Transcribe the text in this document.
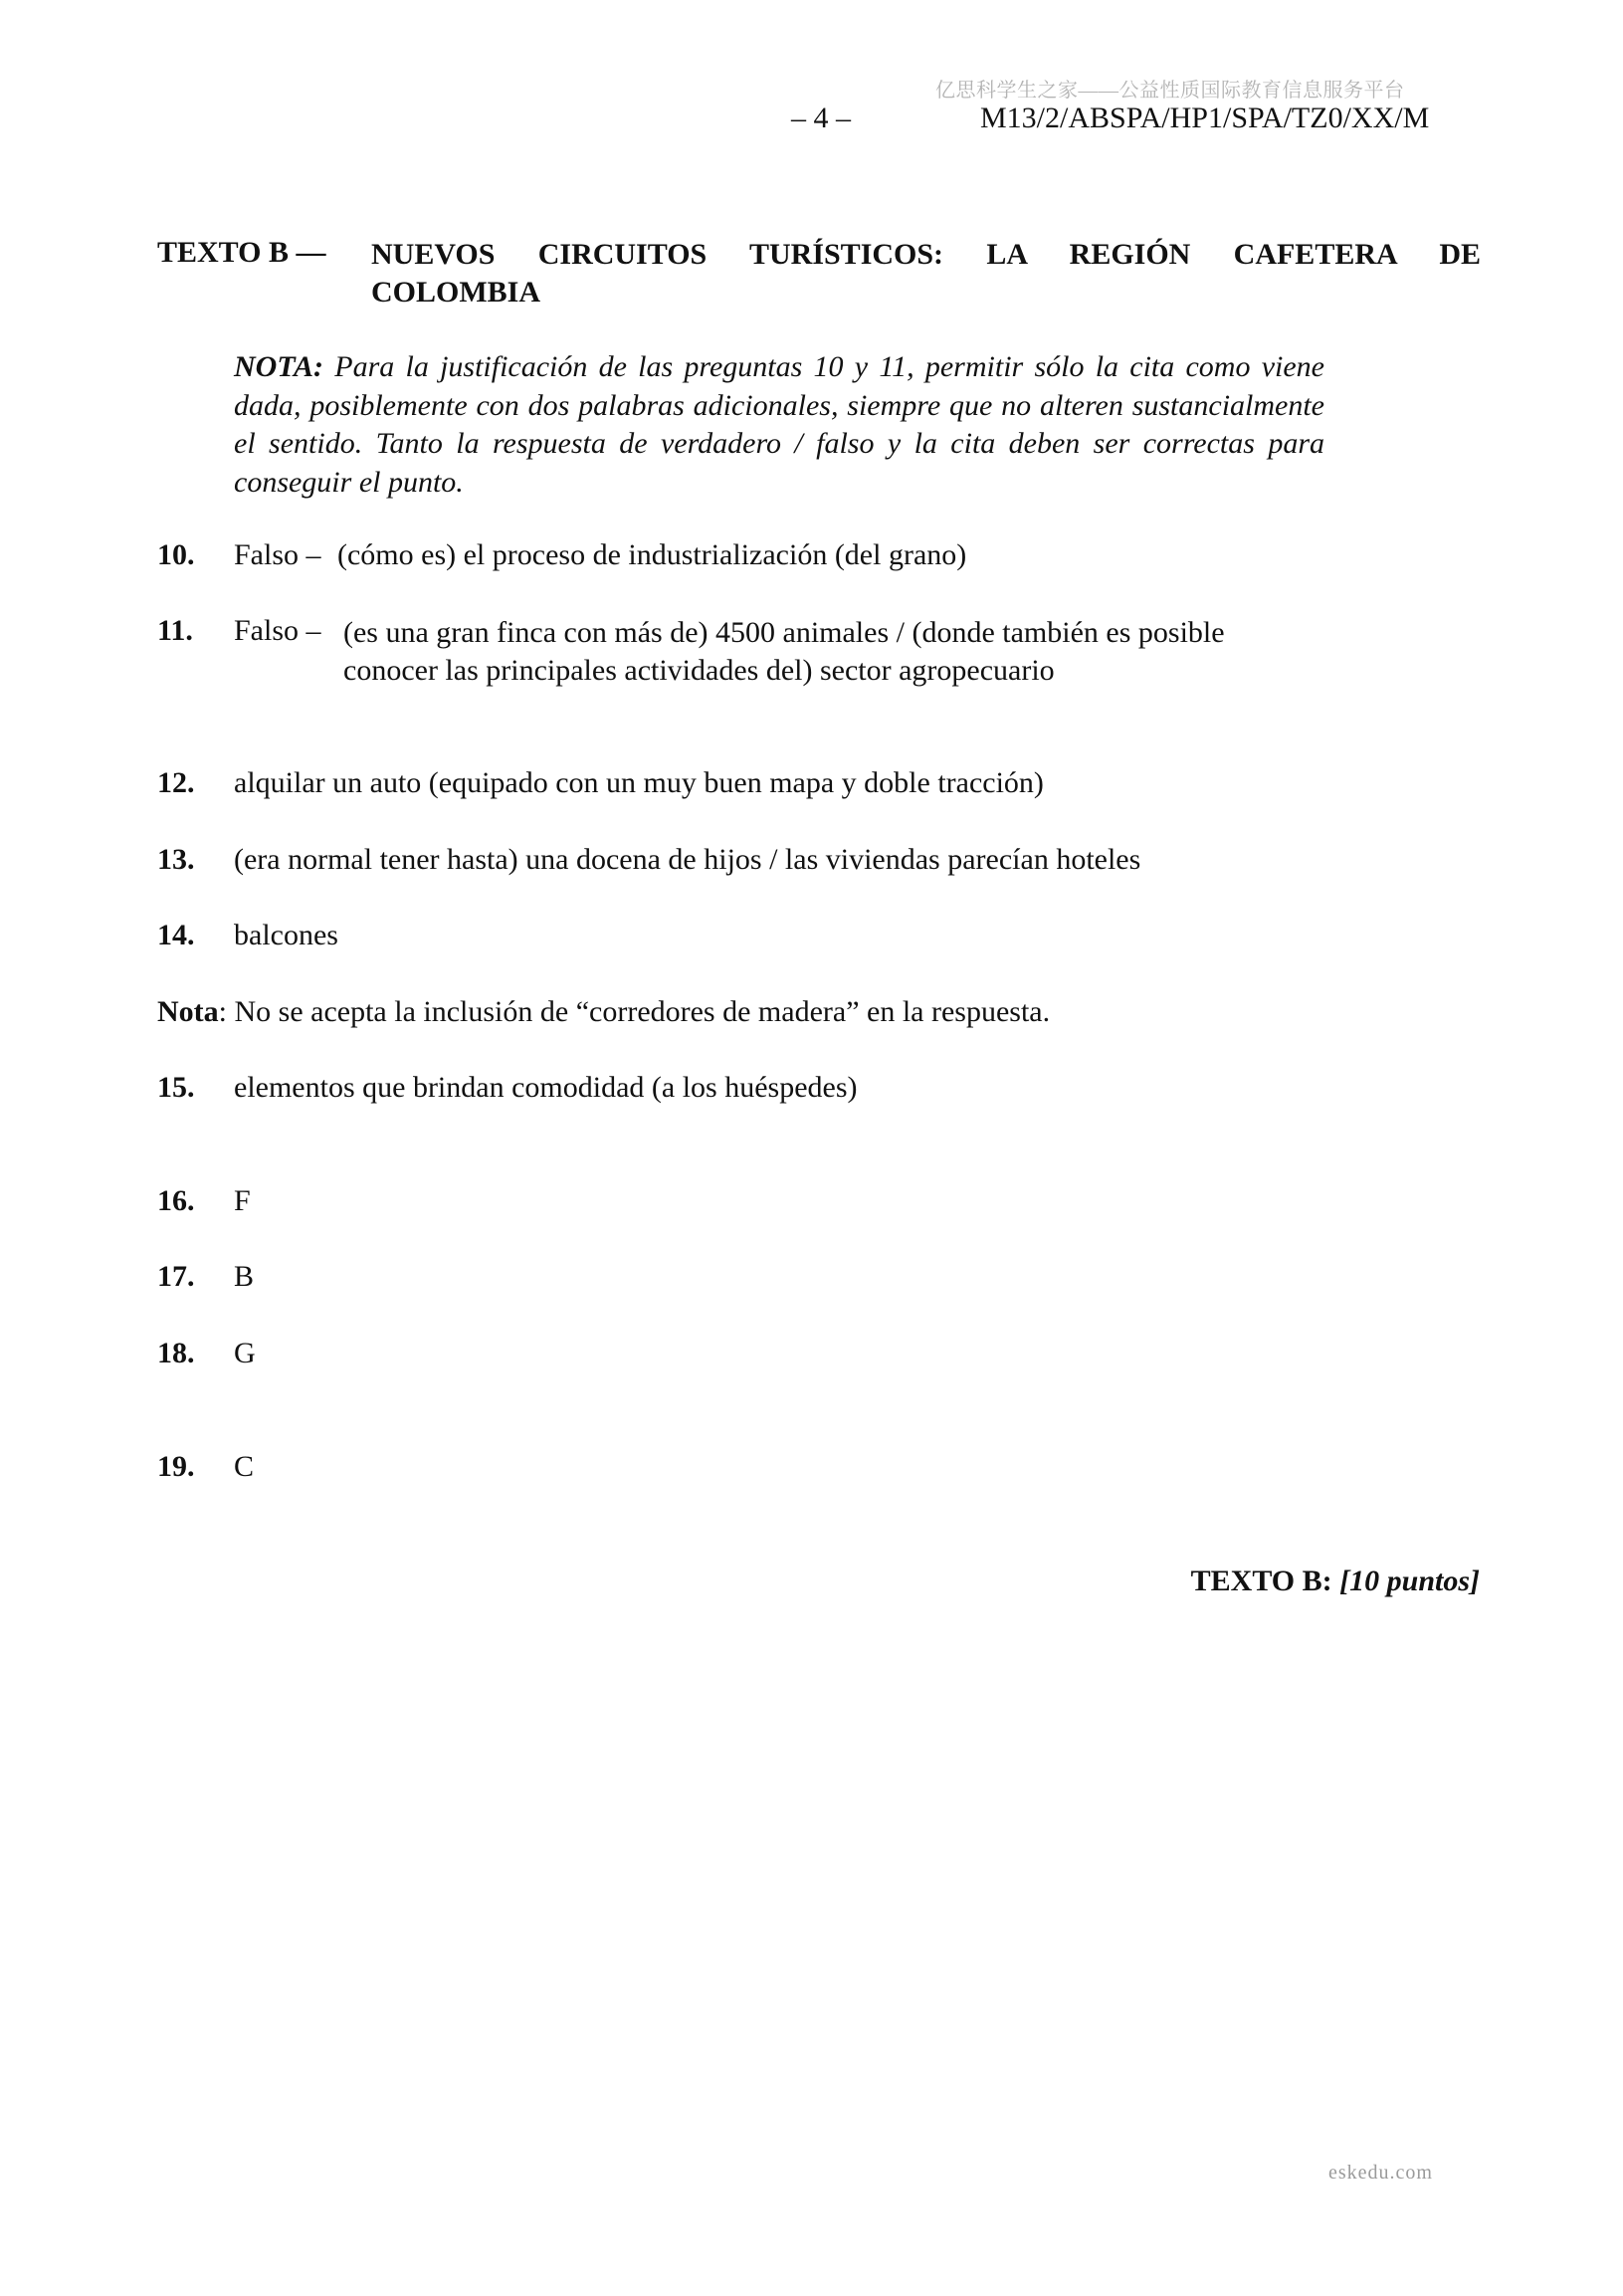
亿思科学生之家——公益性质国际教育信息服务平台
– 4 –	M13/2/ABSPA/HP1/SPA/TZ0/XX/M
TEXTO B — NUEVOS CIRCUITOS TURÍSTICOS: LA REGIÓN CAFETERA DE
COLOMBIA
NOTA: Para la justificación de las preguntas 10 y 11, permitir sólo la cita como viene dada, posiblemente con dos palabras adicionales, siempre que no alteren sustancialmente el sentido. Tanto la respuesta de verdadero / falso y la cita deben ser correctas para conseguir el punto.
10. Falso – (cómo es) el proceso de industrialización (del grano)
11. Falso – (es una gran finca con más de) 4500 animales / (donde también es posible
conocer las principales actividades del) sector agropecuario
12. alquilar un auto (equipado con un muy buen mapa y doble tracción)
13. (era normal tener hasta) una docena de hijos / las viviendas parecían hoteles
14. balcones
Nota: No se acepta la inclusión de “corredores de madera” en la respuesta.
15. elementos que brindan comodidad (a los huéspedes)
16. F
17. B
18. G
19. C
TEXTO B: [10 puntos]
eskedu.com
